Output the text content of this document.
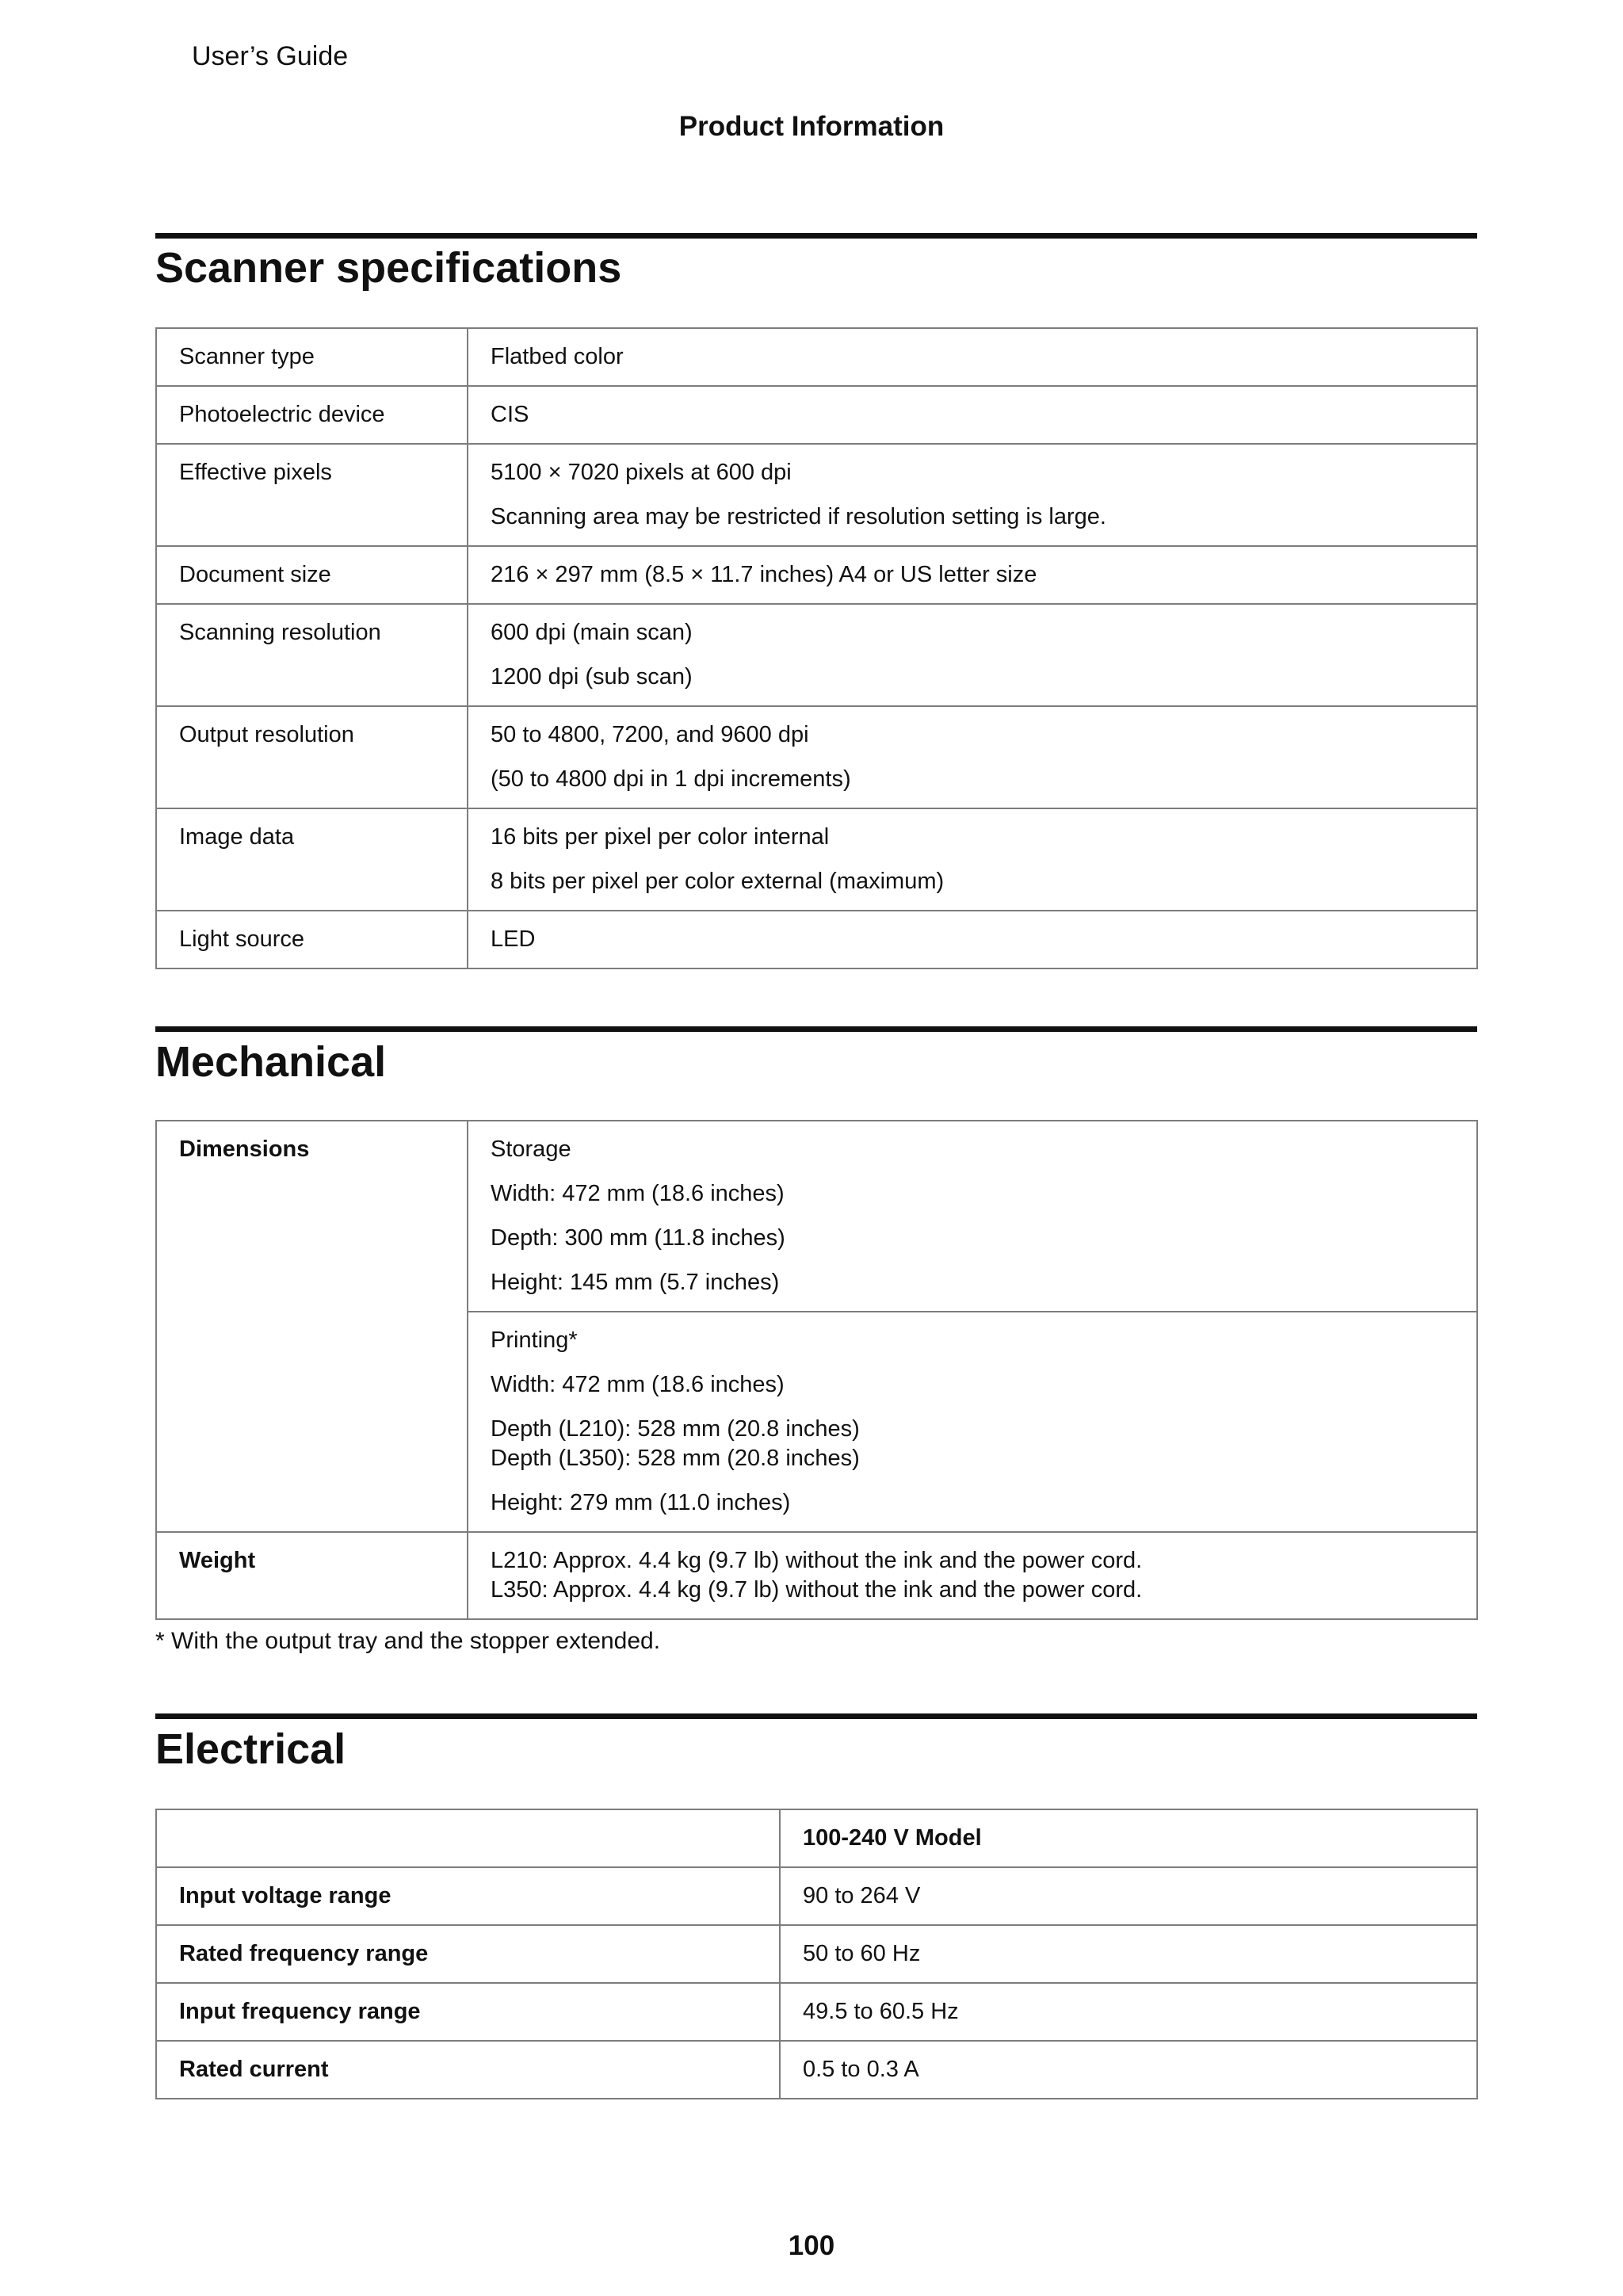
User’s Guide
Product Information
Scanner specifications
Scanner type	Flatbed color

Photoelectric device	CIS

Effective pixels	5100 × 7020 pixels at 600 dpi
Scanning area may be restricted if resolution setting is large.

Document size	216 × 297 mm (8.5 × 11.7 inches) A4 or US letter size

Scanning resolution	600 dpi (main scan)
1200 dpi (sub scan)

Output resolution	50 to 4800, 7200, and 9600 dpi
(50 to 4800 dpi in 1 dpi increments)

Image data	16 bits per pixel per color internal
8 bits per pixel per color external (maximum)

Light source	LED
Mechanical
Dimensions	Storage
Width: 472 mm (18.6 inches)
Depth: 300 mm (11.8 inches)
Height: 145 mm (5.7 inches)

	Printing*
Width: 472 mm (18.6 inches)
Depth (L210): 528 mm (20.8 inches)
Depth (L350): 528 mm (20.8 inches)
Height: 279 mm (11.0 inches)

Weight	L210: Approx. 4.4 kg (9.7 lb) without the ink and the power cord.
L350: Approx. 4.4 kg (9.7 lb) without the ink and the power cord.
* With the output tray and the stopper extended.
Electrical

	100-240 V Model

Input voltage range	90 to 264 V

Rated frequency range	50 to 60 Hz

Input frequency range	49.5 to 60.5 Hz

Rated current	0.5 to 0.3 A
100
